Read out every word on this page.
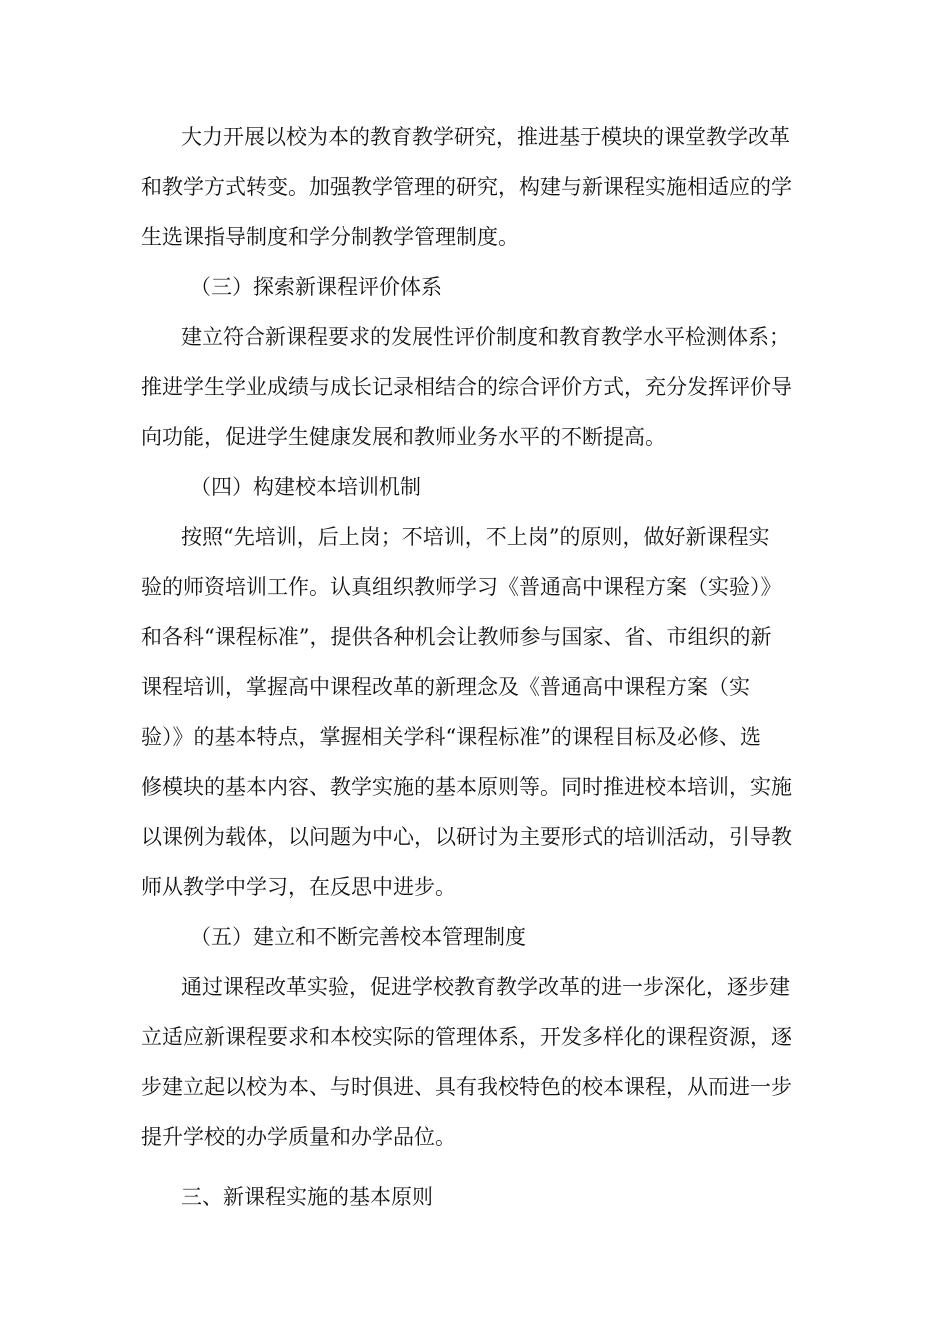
大力开展以校为本的教育教学研究，推进基于模块的课堂教学改革
和教学方式转变。加强教学管理的研究，构建与新课程实施相适应的学
生选课指导制度和学分制教学管理制度。
（三）探索新课程评价体系
建立符合新课程要求的发展性评价制度和教育教学水平检测体系；
推进学生学业成绩与成长记录相结合的综合评价方式，充分发挥评价导
向功能，促进学生健康发展和教师业务水平的不断提高。
（四）构建校本培训机制
按照“先培训，后上岗；不培训，不上岗”的原则，做好新课程实
验的师资培训工作。认真组织教师学习《普通高中课程方案（实验）》
和各科“课程标准”，提供各种机会让教师参与国家、省、市组织的新
课程培训，掌握高中课程改革的新理念及《普通高中课程方案（实
验）》的基本特点，掌握相关学科“课程标准”的课程目标及必修、选
修模块的基本内容、教学实施的基本原则等。同时推进校本培训，实施
以课例为载体，以问题为中心，以研讨为主要形式的培训活动，引导教
师从教学中学习，在反思中进步。
（五）建立和不断完善校本管理制度
通过课程改革实验，促进学校教育教学改革的进一步深化，逐步建
立适应新课程要求和本校实际的管理体系，开发多样化的课程资源，逐
步建立起以校为本、与时俱进、具有我校特色的校本课程，从而进一步
提升学校的办学质量和办学品位。
三、新课程实施的基本原则
